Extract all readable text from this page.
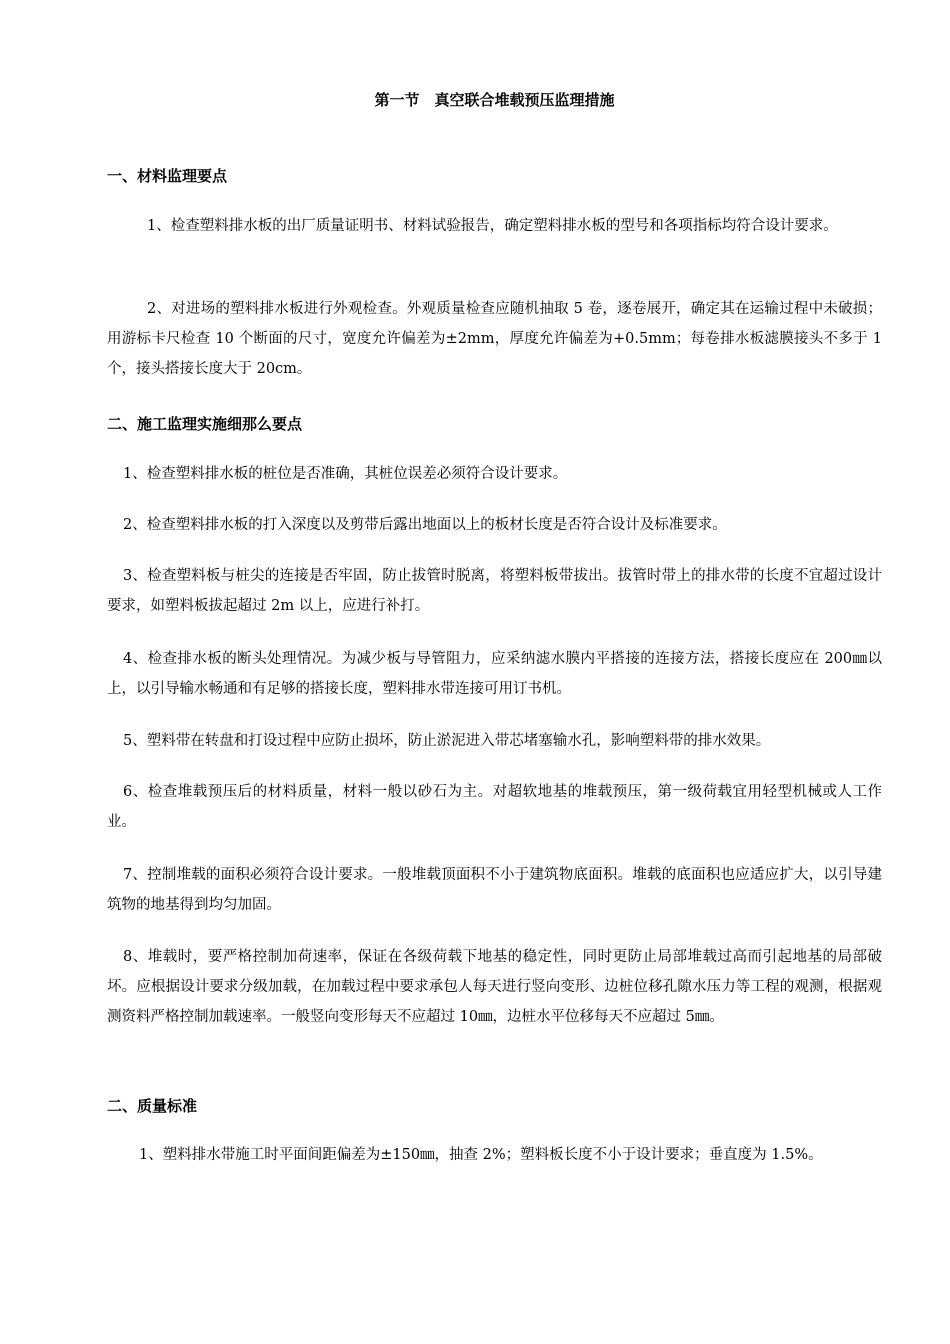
第一节　真空联合堆载预压监理措施
一、材料监理要点
1、检查塑料排水板的出厂质量证明书、材料试验报告，确定塑料排水板的型号和各项指标均符合设计要求。
2、对进场的塑料排水板进行外观检查。外观质量检查应随机抽取 5 卷，逐卷展开，确定其在运输过程中未破损；用游标卡尺检查 10 个断面的尺寸，宽度允许偏差为±2mm，厚度允许偏差为+0.5mm；每卷排水板滤膜接头不多于 1 个，接头搭接长度大于 20cm。
二、施工监理实施细那么要点
1、检查塑料排水板的桩位是否准确，其桩位误差必须符合设计要求。
2、检查塑料排水板的打入深度以及剪带后露出地面以上的板材长度是否符合设计及标准要求。
3、检查塑料板与桩尖的连接是否牢固，防止拔管时脱离，将塑料板带拔出。拔管时带上的排水带的长度不宜超过设计要求，如塑料板拔起超过 2m 以上，应进行补打。
4、检查排水板的断头处理情况。为减少板与导管阻力，应采纳滤水膜内平搭接的连接方法，搭接长度应在 200㎜以上，以引导输水畅通和有足够的搭接长度，塑料排水带连接可用订书机。
5、塑料带在转盘和打设过程中应防止损坏，防止淤泥进入带芯堵塞输水孔，影响塑料带的排水效果。
6、检查堆载预压后的材料质量，材料一般以砂石为主。对超软地基的堆载预压，第一级荷载宜用轻型机械或人工作业。
7、控制堆载的面积必须符合设计要求。一般堆载顶面积不小于建筑物底面积。堆载的底面积也应适应扩大，以引导建筑物的地基得到均匀加固。
8、堆载时，要严格控制加荷速率，保证在各级荷载下地基的稳定性，同时更防止局部堆载过高而引起地基的局部破坏。应根据设计要求分级加载，在加载过程中要求承包人每天进行竖向变形、边桩位移孔隙水压力等工程的观测，根据观测资料严格控制加载速率。一般竖向变形每天不应超过 10㎜，边桩水平位移每天不应超过 5㎜。
二、质量标准
1、塑料排水带施工时平面间距偏差为±150㎜，抽查 2%；塑料板长度不小于设计要求；垂直度为 1.5%。
